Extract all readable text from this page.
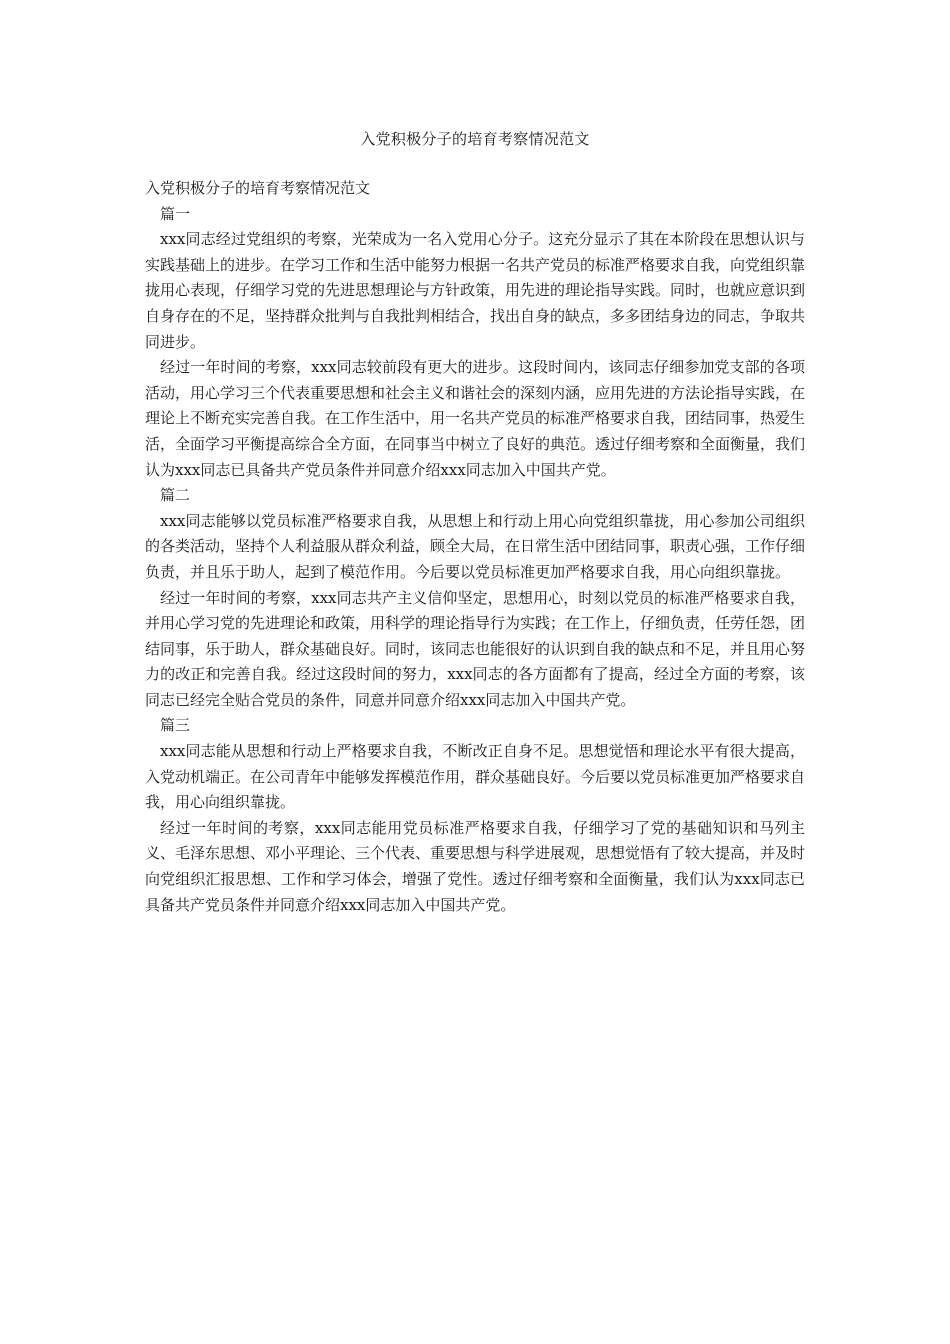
入党积极分子的培育考察情况范文

入党积极分子的培育考察情况范文

篇一

xxx同志经过党组织的考察，光荣成为一名入党用心分子。这充分显示了其在本阶段在思想认识与实践基础上的进步。在学习工作和生活中能努力根据一名共产党员的标准严格要求自我，向党组织靠拢用心表现，仔细学习党的先进思想理论与方针政策，用先进的理论指导实践。同时，也就应意识到自身存在的不足，坚持群众批判与自我批判相结合，找出自身的缺点，多多团结身边的同志，争取共同进步。

经过一年时间的考察，xxx同志较前段有更大的进步。这段时间内，该同志仔细参加党支部的各项活动，用心学习三个代表重要思想和社会主义和谐社会的深刻内涵，应用先进的方法论指导实践，在理论上不断充实完善自我。在工作生活中，用一名共产党员的标准严格要求自我，团结同事，热爱生活，全面学习平衡提高综合全方面，在同事当中树立了良好的典范。透过仔细考察和全面衡量，我们认为xxx同志已具备共产党员条件并同意介绍xxx同志加入中国共产党。

篇二

xxx同志能够以党员标准严格要求自我，从思想上和行动上用心向党组织靠拢，用心参加公司组织的各类活动，坚持个人利益服从群众利益，顾全大局，在日常生活中团结同事，职责心强，工作仔细负责，并且乐于助人，起到了模范作用。今后要以党员标准更加严格要求自我，用心向组织靠拢。

经过一年时间的考察，xxx同志共产主义信仰坚定，思想用心，时刻以党员的标准严格要求自我，并用心学习党的先进理论和政策，用科学的理论指导行为实践；在工作上，仔细负责，任劳任怨，团结同事，乐于助人，群众基础良好。同时，该同志也能很好的认识到自我的缺点和不足，并且用心努力的改正和完善自我。经过这段时间的努力，xxx同志的各方面都有了提高，经过全方面的考察，该同志已经完全贴合党员的条件，同意并同意介绍xxx同志加入中国共产党。

篇三

xxx同志能从思想和行动上严格要求自我，不断改正自身不足。思想觉悟和理论水平有很大提高，入党动机端正。在公司青年中能够发挥模范作用，群众基础良好。今后要以党员标准更加严格要求自我，用心向组织靠拢。

经过一年时间的考察，xxx同志能用党员标准严格要求自我，仔细学习了党的基础知识和马列主义、毛泽东思想、邓小平理论、三个代表、重要思想与科学进展观，思想觉悟有了较大提高，并及时向党组织汇报思想、工作和学习体会，增强了党性。透过仔细考察和全面衡量，我们认为xxx同志已具备共产党员条件并同意介绍xxx同志加入中国共产党。
